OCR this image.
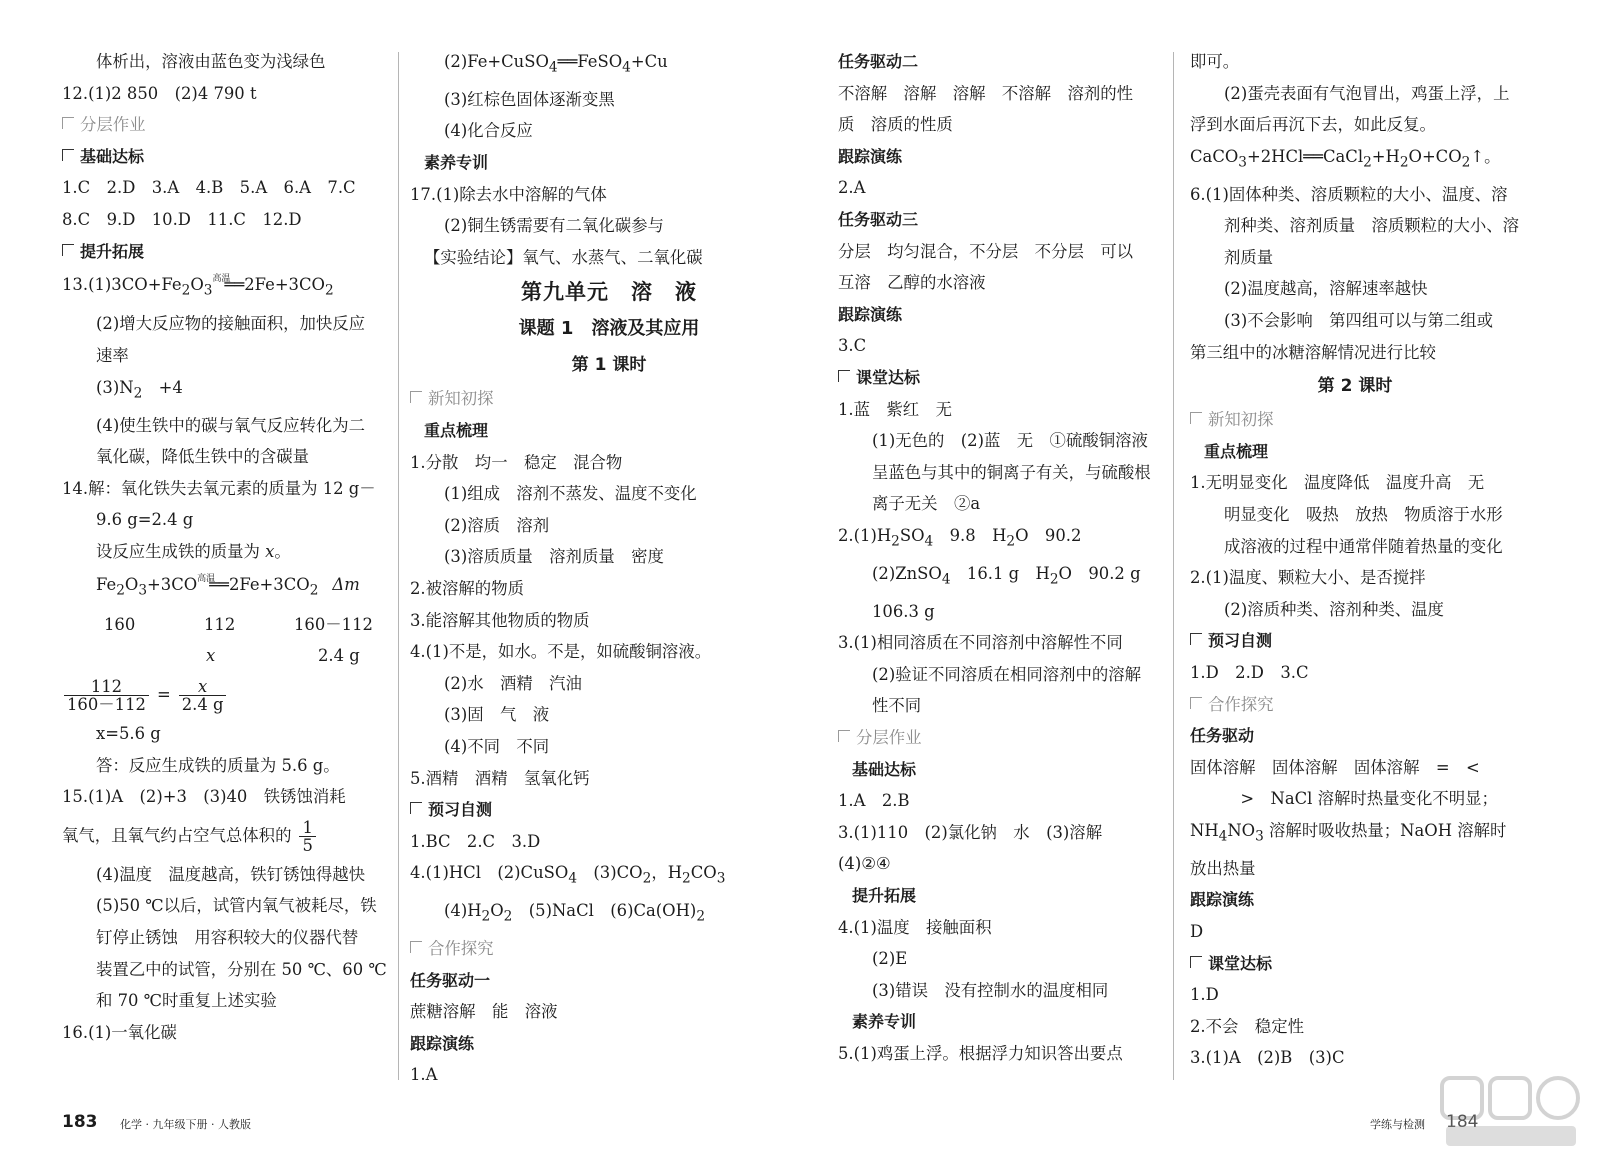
体析出，溶液由蓝色变为浅绿色
12.(1)2 850　(2)4 790 t
分层作业
基础达标
1.C　2.D　3.A　4.B　5.A　6.A　7.C
8.C　9.D　10.D　11.C　12.D
提升拓展
$13.(1)3CO+Fe_2O_3^{高温}══2Fe+3CO_2$
(2)增大反应物的接触面积，加快反应
速率
$(3)N_2$　+4
(4)使生铁中的碳与氧气反应转化为二
氧化碳，降低生铁中的含碳量
14.解：氧化铁失去氧元素的质量为 12 g－
9.6 g=2.4 g
设反应生成铁的质量为 x。
$Fe_2O_3+3CO^{高温}══2Fe+3CO_2$ Δm
160	112	160－112
x	2.4 g
$\frac{112}{160-112} = \frac{x}{2.4 g}$
x=5.6 g
答：反应生成铁的质量为 5.6 g。
15.(1)A　(2)+3　(3)40　铁锈蚀消耗
氧气，且氧气约占空气总体积的 1
5
(4)温度　温度越高，铁钉锈蚀得越快
(5)50 ℃以后，试管内氧气被耗尽，铁
钉停止锈蚀　用容积较大的仪器代替
装置乙中的试管，分别在 50 ℃、60 ℃
和 70 ℃时重复上述实验
16.(1)一氧化碳
(2)Fe+CuSO$_4$══FeSO$_4$+Cu
(3)红棕色固体逐渐变黑
(4)化合反应
素养专训
17.(1)除去水中溶解的气体
(2)铜生锈需要有二氧化碳参与
【实验结论】氧气、水蒸气、二氧化碳
第九单元　溶　液
课题 1　溶液及其应用
第 1 课时
新知初探
重点梳理
1.分散　均一　稳定　混合物
(1)组成　溶剂不蒸发、温度不变化
(2)溶质　溶剂
(3)溶质质量　溶剂质量　密度
2.被溶解的物质
3.能溶解其他物质的物质
4.(1)不是，如水。不是，如硫酸铜溶液。
(2)水　酒精　汽油
(3)固　气　液
(4)不同　不同
5.酒精　酒精　氢氧化钙
预习自测
1.BC　2.C　3.D
4.(1)HCl　(2)CuSO$_4$　$(3)CO_2$，$H_2CO_3$
$(4)H_2O_2$　(5)NaCl　$(6)Ca(OH)_2$
合作探究
任务驱动一
蔗糖溶解　能　溶液
跟踪演练
1.A
任务驱动二
不溶解　溶解　溶解　不溶解　溶剂的性
质　溶质的性质
跟踪演练
2.A
任务驱动三
分层　均匀混合，不分层　不分层　可以
互溶　乙醇的水溶液
跟踪演练
3.C
课堂达标
1.蓝　紫红　无
(1)无色的　(2)蓝　无　①硫酸铜溶液
呈蓝色与其中的铜离子有关，与硫酸根
离子无关　②a
$2.(1)H_2SO_4$　9.8　$H_2O$　90.2
(2)ZnSO$_4$　16.1 g　$H_2O$　90.2 g
106.3 g
3.(1)相同溶质在不同溶剂中溶解性不同
(2)验证不同溶质在相同溶剂中的溶解
性不同
分层作业
基础达标
1.A　2.B
3.(1)110　(2)氯化钠　水　(3)溶解
(4)②④
提升拓展
4.(1)温度　接触面积
(2)E
(3)错误　没有控制水的温度相同
素养专训
5.(1)鸡蛋上浮。根据浮力知识答出要点
即可。
(2)蛋壳表面有气泡冒出，鸡蛋上浮，上
浮到水面后再沉下去，如此反复。
$CaCO_3+2HCl══CaCl_2+H_2O+CO_2↑$。
6.(1)固体种类、溶质颗粒的大小、温度、溶
剂种类、溶剂质量　溶质颗粒的大小、溶
剂质量
(2)温度越高，溶解速率越快
(3)不会影响　第四组可以与第二组或
第三组中的冰糖溶解情况进行比较
第 2 课时
新知初探
重点梳理
1.无明显变化　温度降低　温度升高　无
明显变化　吸热　放热　物质溶于水形
成溶液的过程中通常伴随着热量的变化
2.(1)温度、颗粒大小、是否搅拌
(2)溶质种类、溶剂种类、温度
预习自测
1.D　2.D　3.C
合作探究
任务驱动
固体溶解　固体溶解　固体溶解　=　<
　>　NaCl 溶解时热量变化不明显；
$NH_4NO_3$ 溶解时吸收热量；NaOH 溶解时
放出热量
跟踪演练
D
课堂达标
1.D
2.不会　稳定性
3.(1)A　(2)B　(3)C
183 化学 · 九年级下册 · 人教版	学练与检测 184
